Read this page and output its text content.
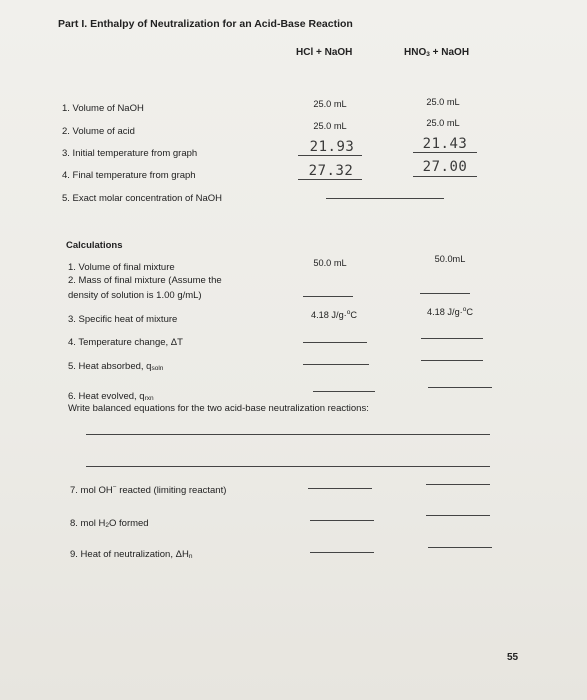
Part I. Enthalpy of Neutralization for an Acid-Base Reaction
HCl + NaOH	HNO3 + NaOH
1. Volume of NaOH	25.0 mL	25.0 mL
2. Volume of acid	25.0 mL	25.0 mL
3. Initial temperature from graph	21.93	21.43
4. Final temperature from graph	27.32	27.00
5. Exact molar concentration of NaOH
Calculations
1. Volume of final mixture	50.0 mL	50.0mL
2. Mass of final mixture (Assume the
density of solution is 1.00 g/mL)
3. Specific heat of mixture	4.18 J/g·$^o$C	4.18 J/g·$^o$C
4. Temperature change, ΔT
5. Heat absorbed, qsoln
6. Heat evolved, qrxn
Write balanced equations for the two acid-base neutralization reactions:
7. mol OH− reacted (limiting reactant)
8. mol H2O formed
9. Heat of neutralization, ΔHn
55
